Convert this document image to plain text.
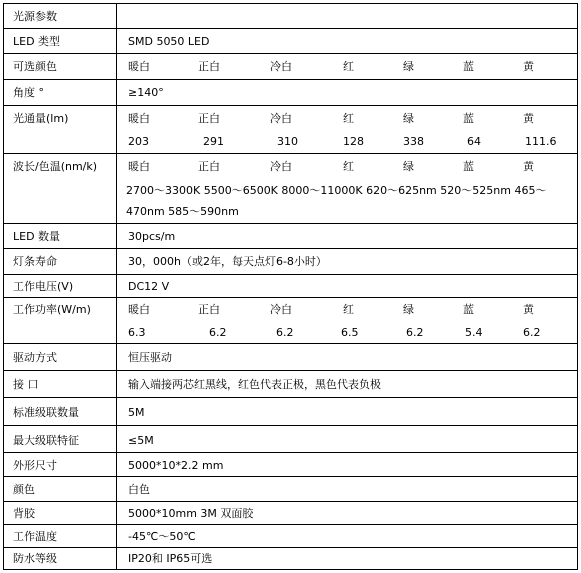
光源参数
LED 类型	SMD 5050 LED
可选颜色	暖白	正白	冷白	红	绿	蓝	黄
角度 °	≥140°
光通量(lm)	暖白	正白	冷白	红	绿	蓝	黄
203	291	310	128	338	64	111.6
波长/色温(nm/k)	暖白	正白	冷白	红	绿	蓝	黄
2700～3300K 5500～6500K 8000～11000K 620～625nm 520～525nm 465～470nm 585～590nm
LED 数量	30pcs/m
灯条寿命	30，000h（或2年，每天点灯6-8小时）
工作电压(V)	DC12 V
工作功率(W/m)	暖白	正白	冷白	红	绿	蓝	黄
6.3	6.2	6.2	6.5	6.2	5.4	6.2
驱动方式	恒压驱动
接 口	输入端接两芯红黑线，红色代表正极，黑色代表负极
标准级联数量	5M
最大级联特征	≤5M
外形尺寸	5000*10*2.2 mm
颜色	白色
背胶	5000*10mm 3M 双面胶
工作温度	-45℃～50℃
防水等级	IP20和 IP65可选
